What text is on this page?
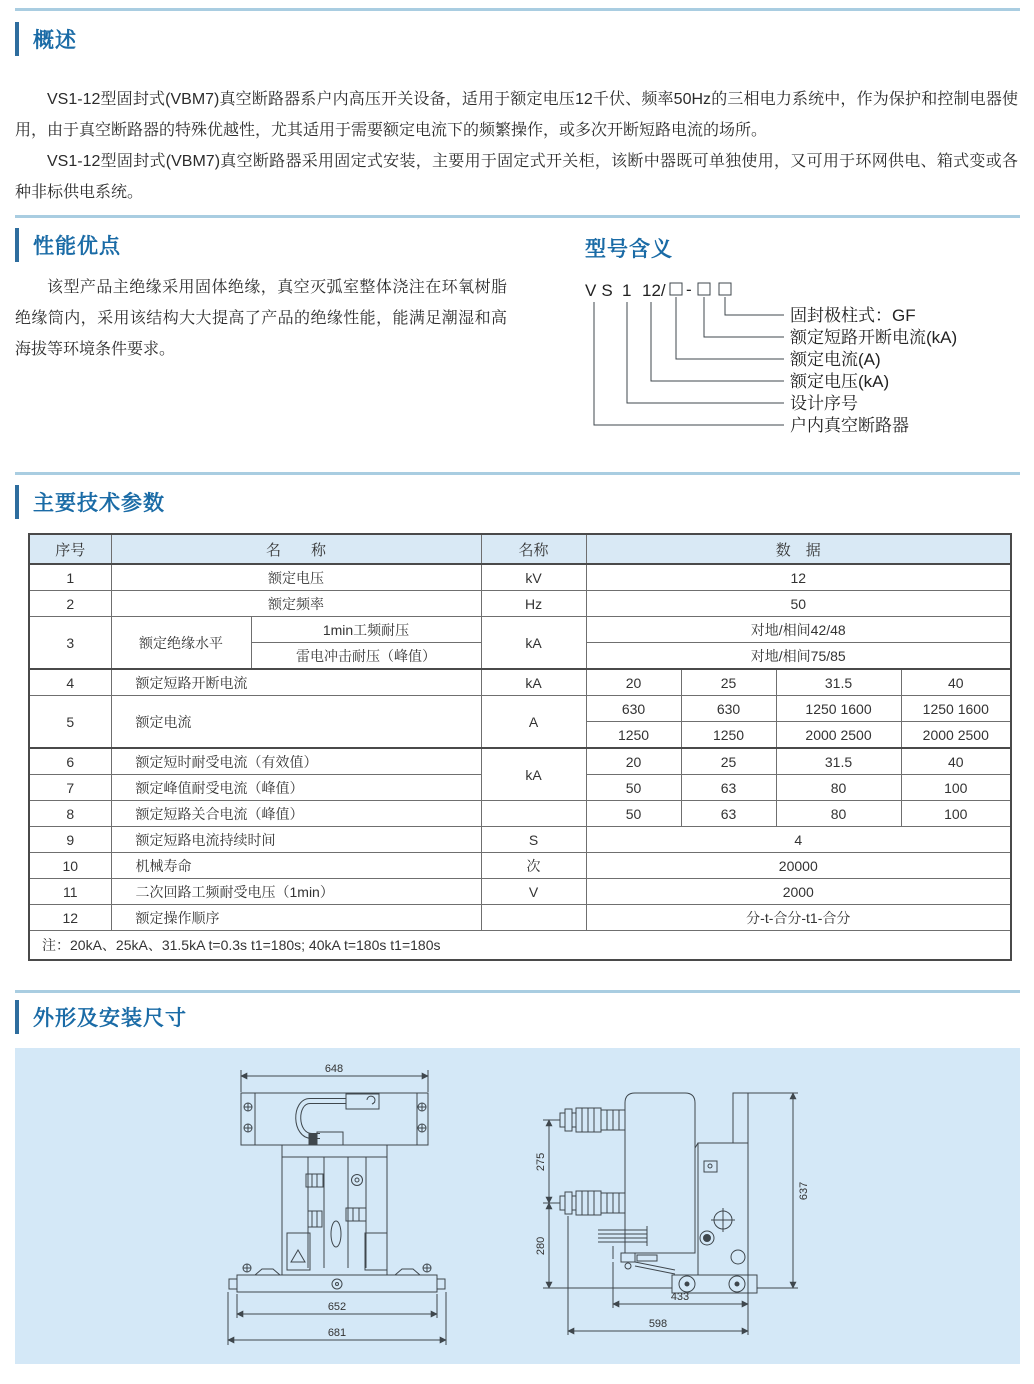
概述

VS1-12型固封式(VBM7)真空断路器系户内高压开关设备，适用于额定电压12千伏、频率50Hz的三相电力系统中，作为保护和控制电器使用，由于真空断路器的特殊优越性，尤其适用于需要额定电流下的频繁操作，或多次开断短路电流的场所。

VS1-12型固封式(VBM7)真空断路器采用固定式安装，主要用于固定式开关柜，该断中器既可单独使用，又可用于环网供电、箱式变或各种非标供电系统。

性能优点	型号含义

该型产品主绝缘采用固体绝缘，真空灭弧室整体浇注在环氧树脂绝缘筒内，采用该结构大大提高了产品的绝缘性能，能满足潮湿和高海拔等环境条件要求。

VS 1 12/ -
固封极柱式：GF
额定短路开断电流(kA)
额定电流(A)
额定电压(kA)
设计序号
户内真空断路器
主要技术参数
序号	名　　称		名称	数　据			
1	额定电压		kV	12			
2	额定频率		Hz	50			
3	额定绝缘水平	1min工频耐压	kA	对地/相间42/48			
		雷电冲击耐压（峰值）		对地/相间75/85			
4	额定短路开断电流		kA	20	25	31.5	40
5	额定电流		A	630	630	1250 1600	1250 1600
				1250	1250	2000 2500	2000 2500
6	额定短时耐受电流（有效值）		kA	20	25	31.5	40
7	额定峰值耐受电流（峰值）			50	63	80	100
8	额定短路关合电流（峰值）			50	63	80	100
9	额定短路电流持续时间		S	4			
10	机械寿命		次	20000			
11	二次回路工频耐受电压（1min）		V	2000			
12	额定操作顺序			分-t-合分-t1-合分			
注：20kA、25kA、31.5kA t=0.3s t1=180s; 40kA t=180s t1=180s							
外形及安装尺寸
648
652
681
275
280
637
433
598
